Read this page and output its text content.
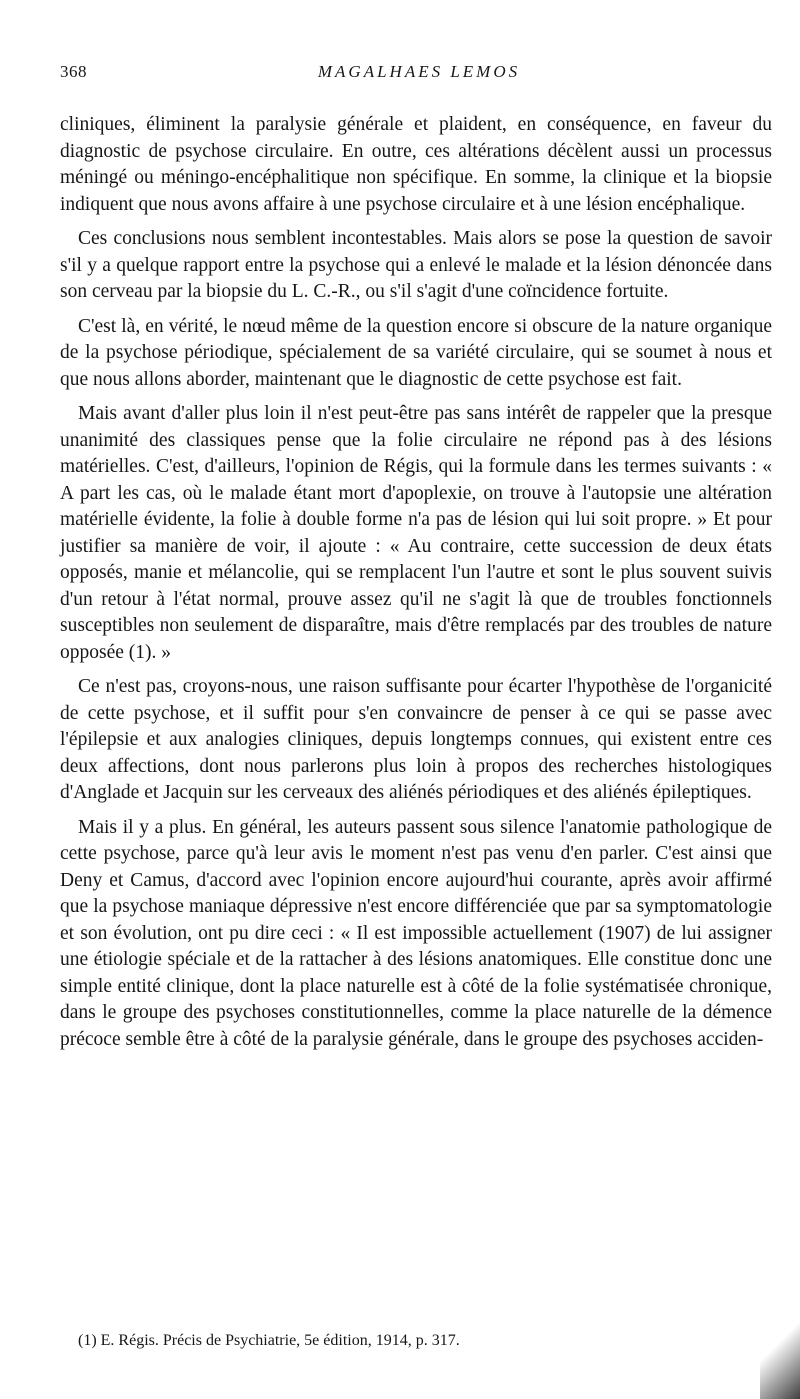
368	MAGALHAES LEMOS

cliniques, éliminent la paralysie générale et plaident, en conséquence, en faveur du diagnostic de psychose circulaire. En outre, ces altérations décèlent aussi un processus méningé ou méningo-encéphalitique non spécifique. En somme, la clinique et la biopsie indiquent que nous avons affaire à une psychose circulaire et à une lésion encéphalique.

Ces conclusions nous semblent incontestables. Mais alors se pose la question de savoir s'il y a quelque rapport entre la psychose qui a enlevé le malade et la lésion dénoncée dans son cerveau par la biopsie du L. C.-R., ou s'il s'agit d'une coïncidence fortuite.

C'est là, en vérité, le nœud même de la question encore si obscure de la nature organique de la psychose périodique, spécialement de sa variété circulaire, qui se soumet à nous et que nous allons aborder, maintenant que le diagnostic de cette psychose est fait.

Mais avant d'aller plus loin il n'est peut-être pas sans intérêt de rappeler que la presque unanimité des classiques pense que la folie circulaire ne répond pas à des lésions matérielles. C'est, d'ailleurs, l'opinion de Régis, qui la formule dans les termes suivants : « A part les cas, où le malade étant mort d'apoplexie, on trouve à l'autopsie une altération matérielle évidente, la folie à double forme n'a pas de lésion qui lui soit propre. » Et pour justifier sa manière de voir, il ajoute : « Au contraire, cette succession de deux états opposés, manie et mélancolie, qui se remplacent l'un l'autre et sont le plus souvent suivis d'un retour à l'état normal, prouve assez qu'il ne s'agit là que de troubles fonctionnels susceptibles non seulement de disparaître, mais d'être remplacés par des troubles de nature opposée (1). »

Ce n'est pas, croyons-nous, une raison suffisante pour écarter l'hypothèse de l'organicité de cette psychose, et il suffit pour s'en convaincre de penser à ce qui se passe avec l'épilepsie et aux analogies cliniques, depuis longtemps connues, qui existent entre ces deux affections, dont nous parlerons plus loin à propos des recherches histologiques d'Anglade et Jacquin sur les cerveaux des aliénés périodiques et des aliénés épileptiques.

Mais il y a plus. En général, les auteurs passent sous silence l'anatomie pathologique de cette psychose, parce qu'à leur avis le moment n'est pas venu d'en parler. C'est ainsi que Deny et Camus, d'accord avec l'opinion encore aujourd'hui courante, après avoir affirmé que la psychose maniaque dépressive n'est encore différenciée que par sa symptomatologie et son évolution, ont pu dire ceci : « Il est impossible actuellement (1907) de lui assigner une étiologie spéciale et de la rattacher à des lésions anatomiques. Elle constitue donc une simple entité clinique, dont la place naturelle est à côté de la folie systématisée chronique, dans le groupe des psychoses constitutionnelles, comme la place naturelle de la démence précoce semble être à côté de la paralysie générale, dans le groupe des psychoses acciden-

(1) E. Régis. Précis de Psychiatrie, 5e édition, 1914, p. 317.
